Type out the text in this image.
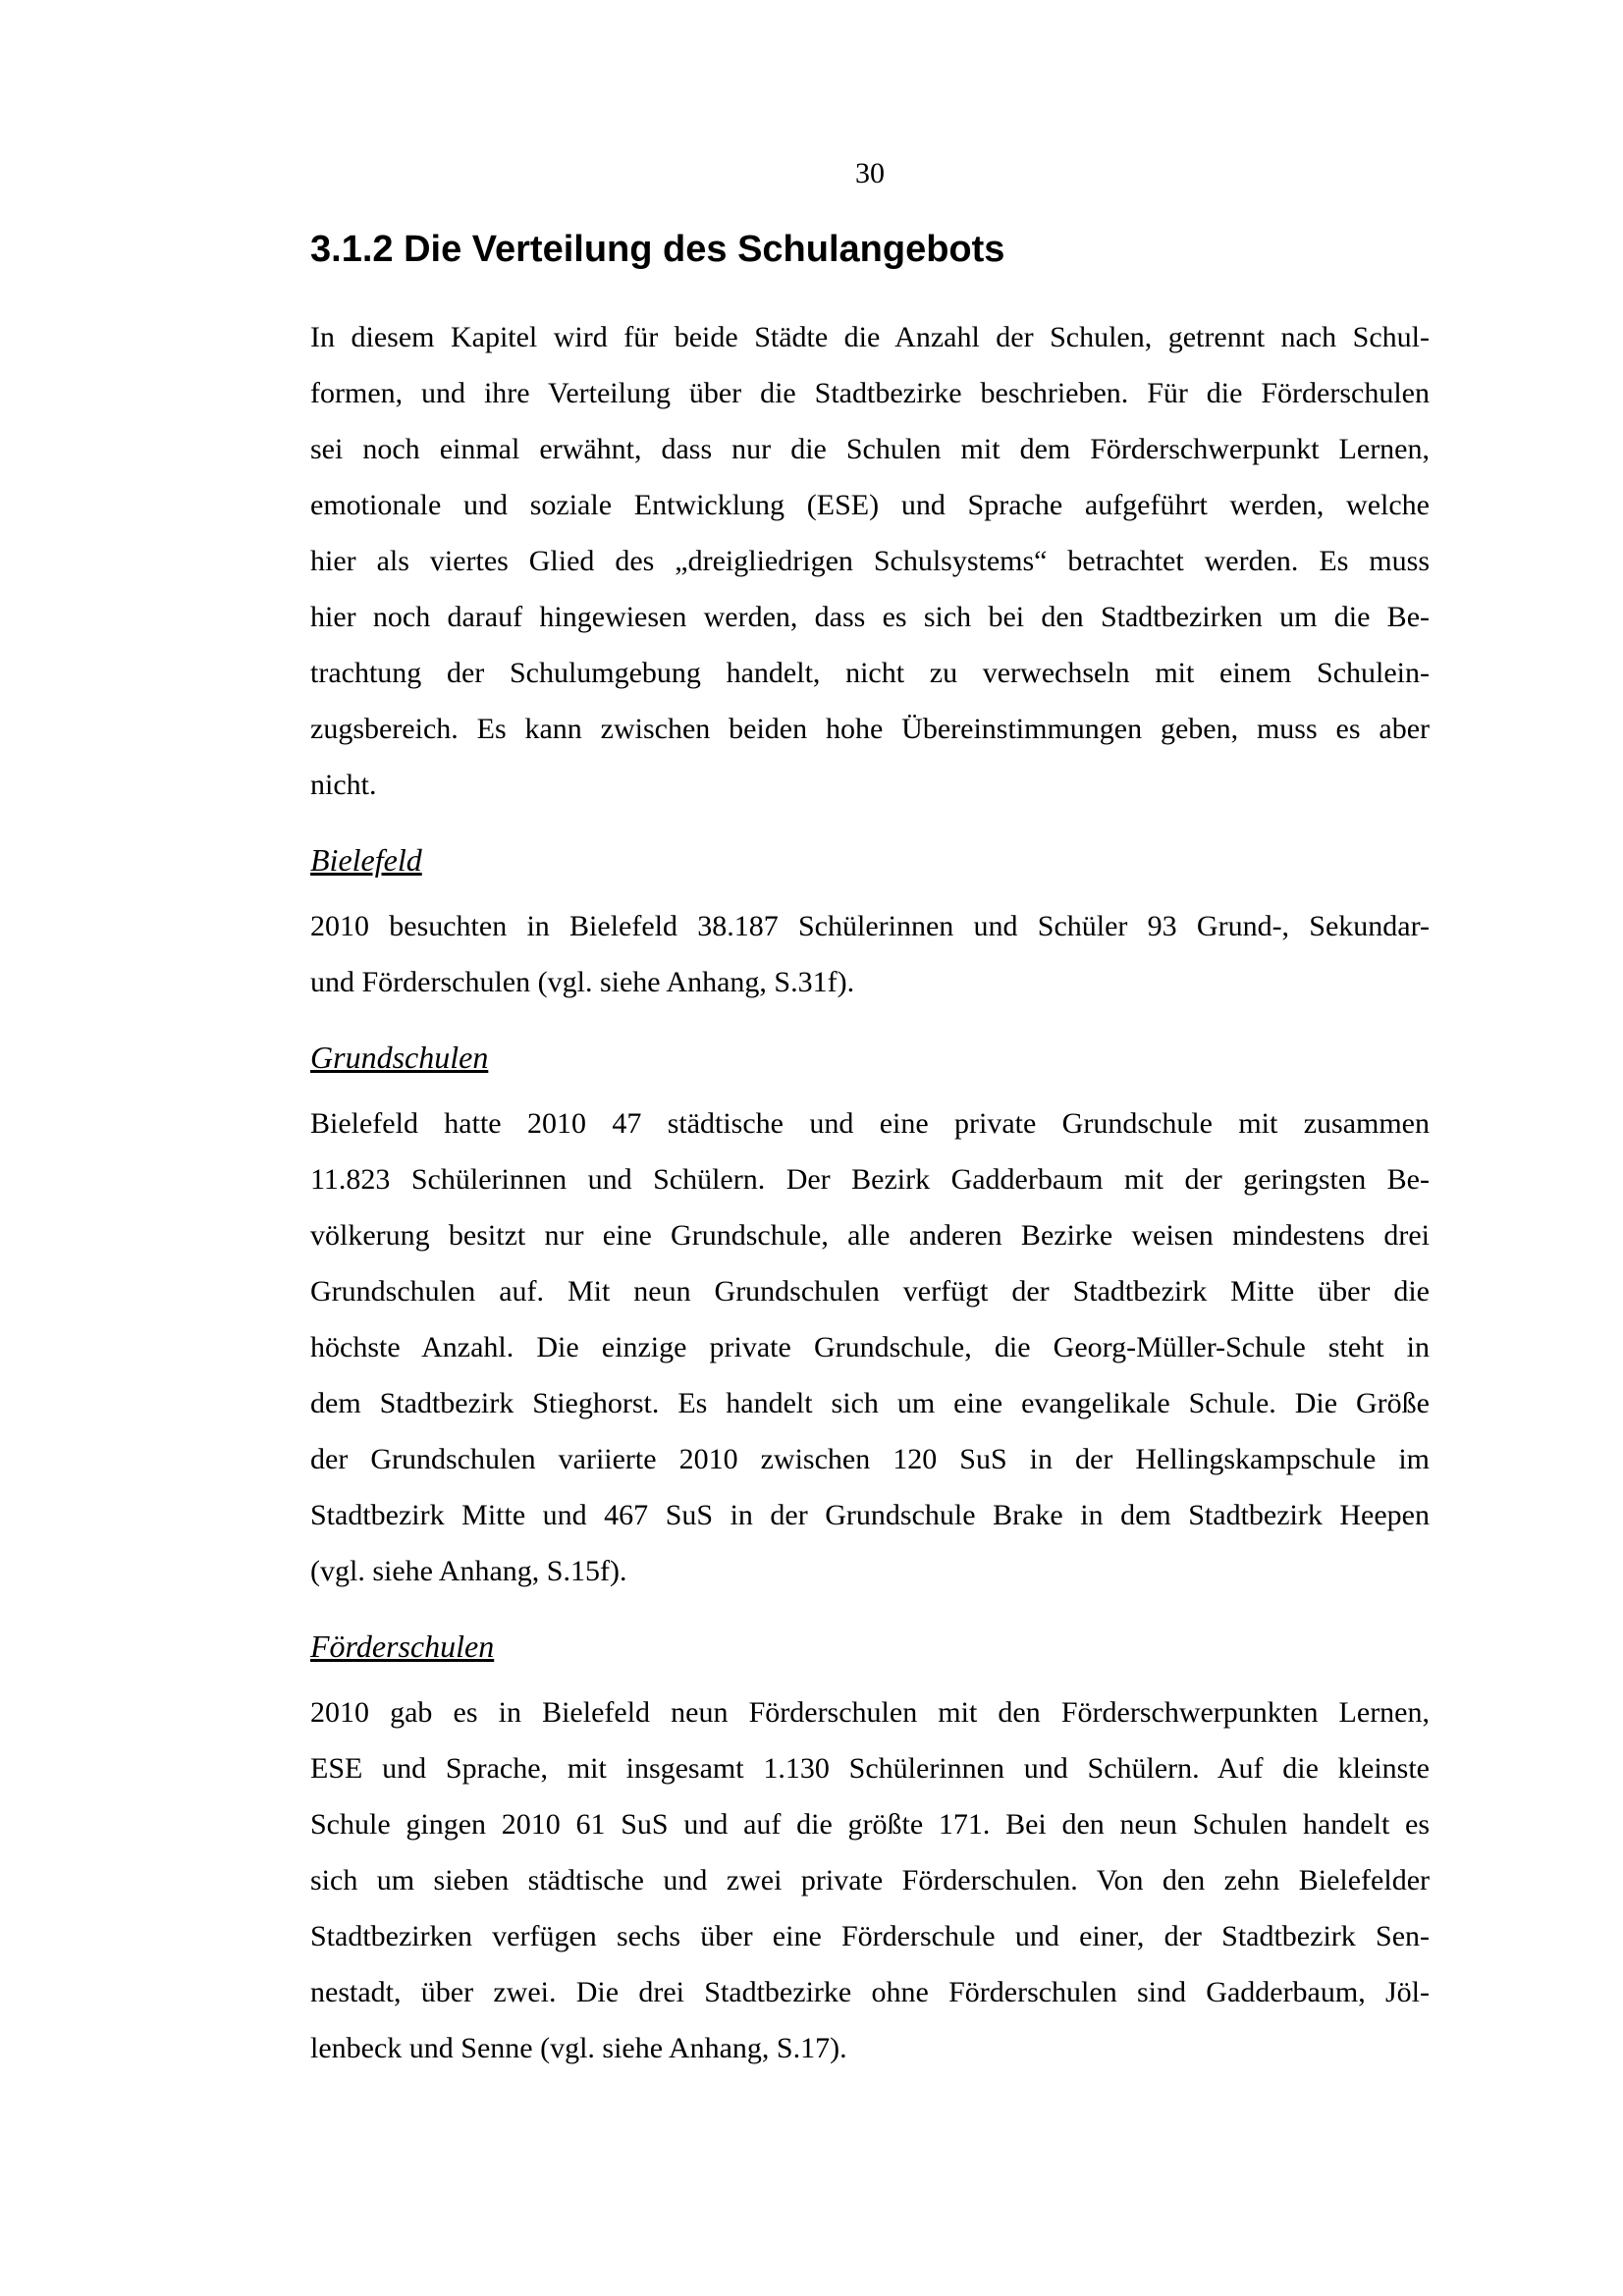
30
3.1.2 Die Verteilung des Schulangebots
In diesem Kapitel wird für beide Städte die Anzahl der Schulen, getrennt nach Schul-
formen, und ihre Verteilung über die Stadtbezirke beschrieben. Für die Förderschulen
sei noch einmal erwähnt, dass nur die Schulen mit dem Förderschwerpunkt Lernen,
emotionale und soziale Entwicklung (ESE) und Sprache aufgeführt werden, welche
hier als viertes Glied des „dreigliedrigen Schulsystems“ betrachtet werden. Es muss
hier noch darauf hingewiesen werden, dass es sich bei den Stadtbezirken um die Be-
trachtung der Schulumgebung handelt, nicht zu verwechseln mit einem Schulein-
zugsbereich. Es kann zwischen beiden hohe Übereinstimmungen geben, muss es aber
nicht.
Bielefeld
2010 besuchten in Bielefeld 38.187 Schülerinnen und Schüler 93 Grund-, Sekundar-
und Förderschulen (vgl. siehe Anhang, S.31f).
Grundschulen
Bielefeld hatte 2010 47 städtische und eine private Grundschule mit zusammen
11.823 Schülerinnen und Schülern. Der Bezirk Gadderbaum mit der geringsten Be-
völkerung besitzt nur eine Grundschule, alle anderen Bezirke weisen mindestens drei
Grundschulen auf. Mit neun Grundschulen verfügt der Stadtbezirk Mitte über die
höchste Anzahl. Die einzige private Grundschule, die Georg-Müller-Schule steht in
dem Stadtbezirk Stieghorst. Es handelt sich um eine evangelikale Schule. Die Größe
der Grundschulen variierte 2010 zwischen 120 SuS in der Hellingskampschule im
Stadtbezirk Mitte und 467 SuS in der Grundschule Brake in dem Stadtbezirk Heepen
(vgl. siehe Anhang, S.15f).
Förderschulen
2010 gab es in Bielefeld neun Förderschulen mit den Förderschwerpunkten Lernen,
ESE und Sprache, mit insgesamt 1.130 Schülerinnen und Schülern. Auf die kleinste
Schule gingen 2010 61 SuS und auf die größte 171. Bei den neun Schulen handelt es
sich um sieben städtische und zwei private Förderschulen. Von den zehn Bielefelder
Stadtbezirken verfügen sechs über eine Förderschule und einer, der Stadtbezirk Sen-
nestadt, über zwei. Die drei Stadtbezirke ohne Förderschulen sind Gadderbaum, Jöl-
lenbeck und Senne (vgl. siehe Anhang, S.17).
